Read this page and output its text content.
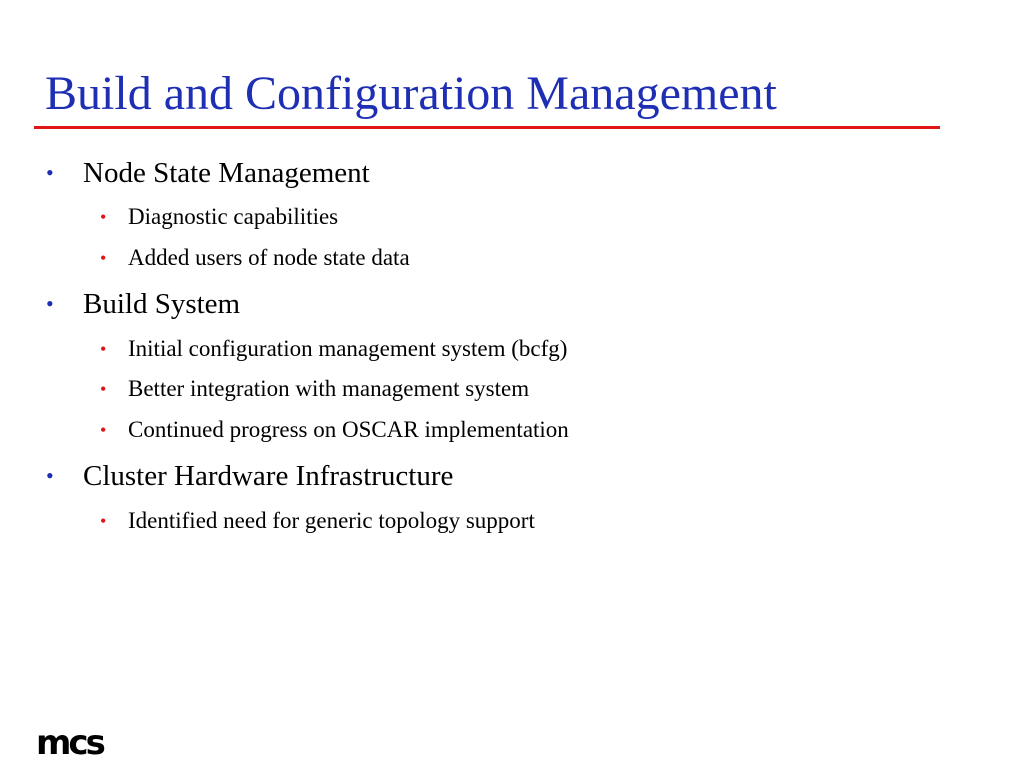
Build and Configuration Management
• Node State Management
• Diagnostic capabilities
• Added users of node state data
• Build System
• Initial configuration management system (bcfg)
• Better integration with management system
• Continued progress on OSCAR implementation
• Cluster Hardware Infrastructure
• Identified need for generic topology support
mcs
